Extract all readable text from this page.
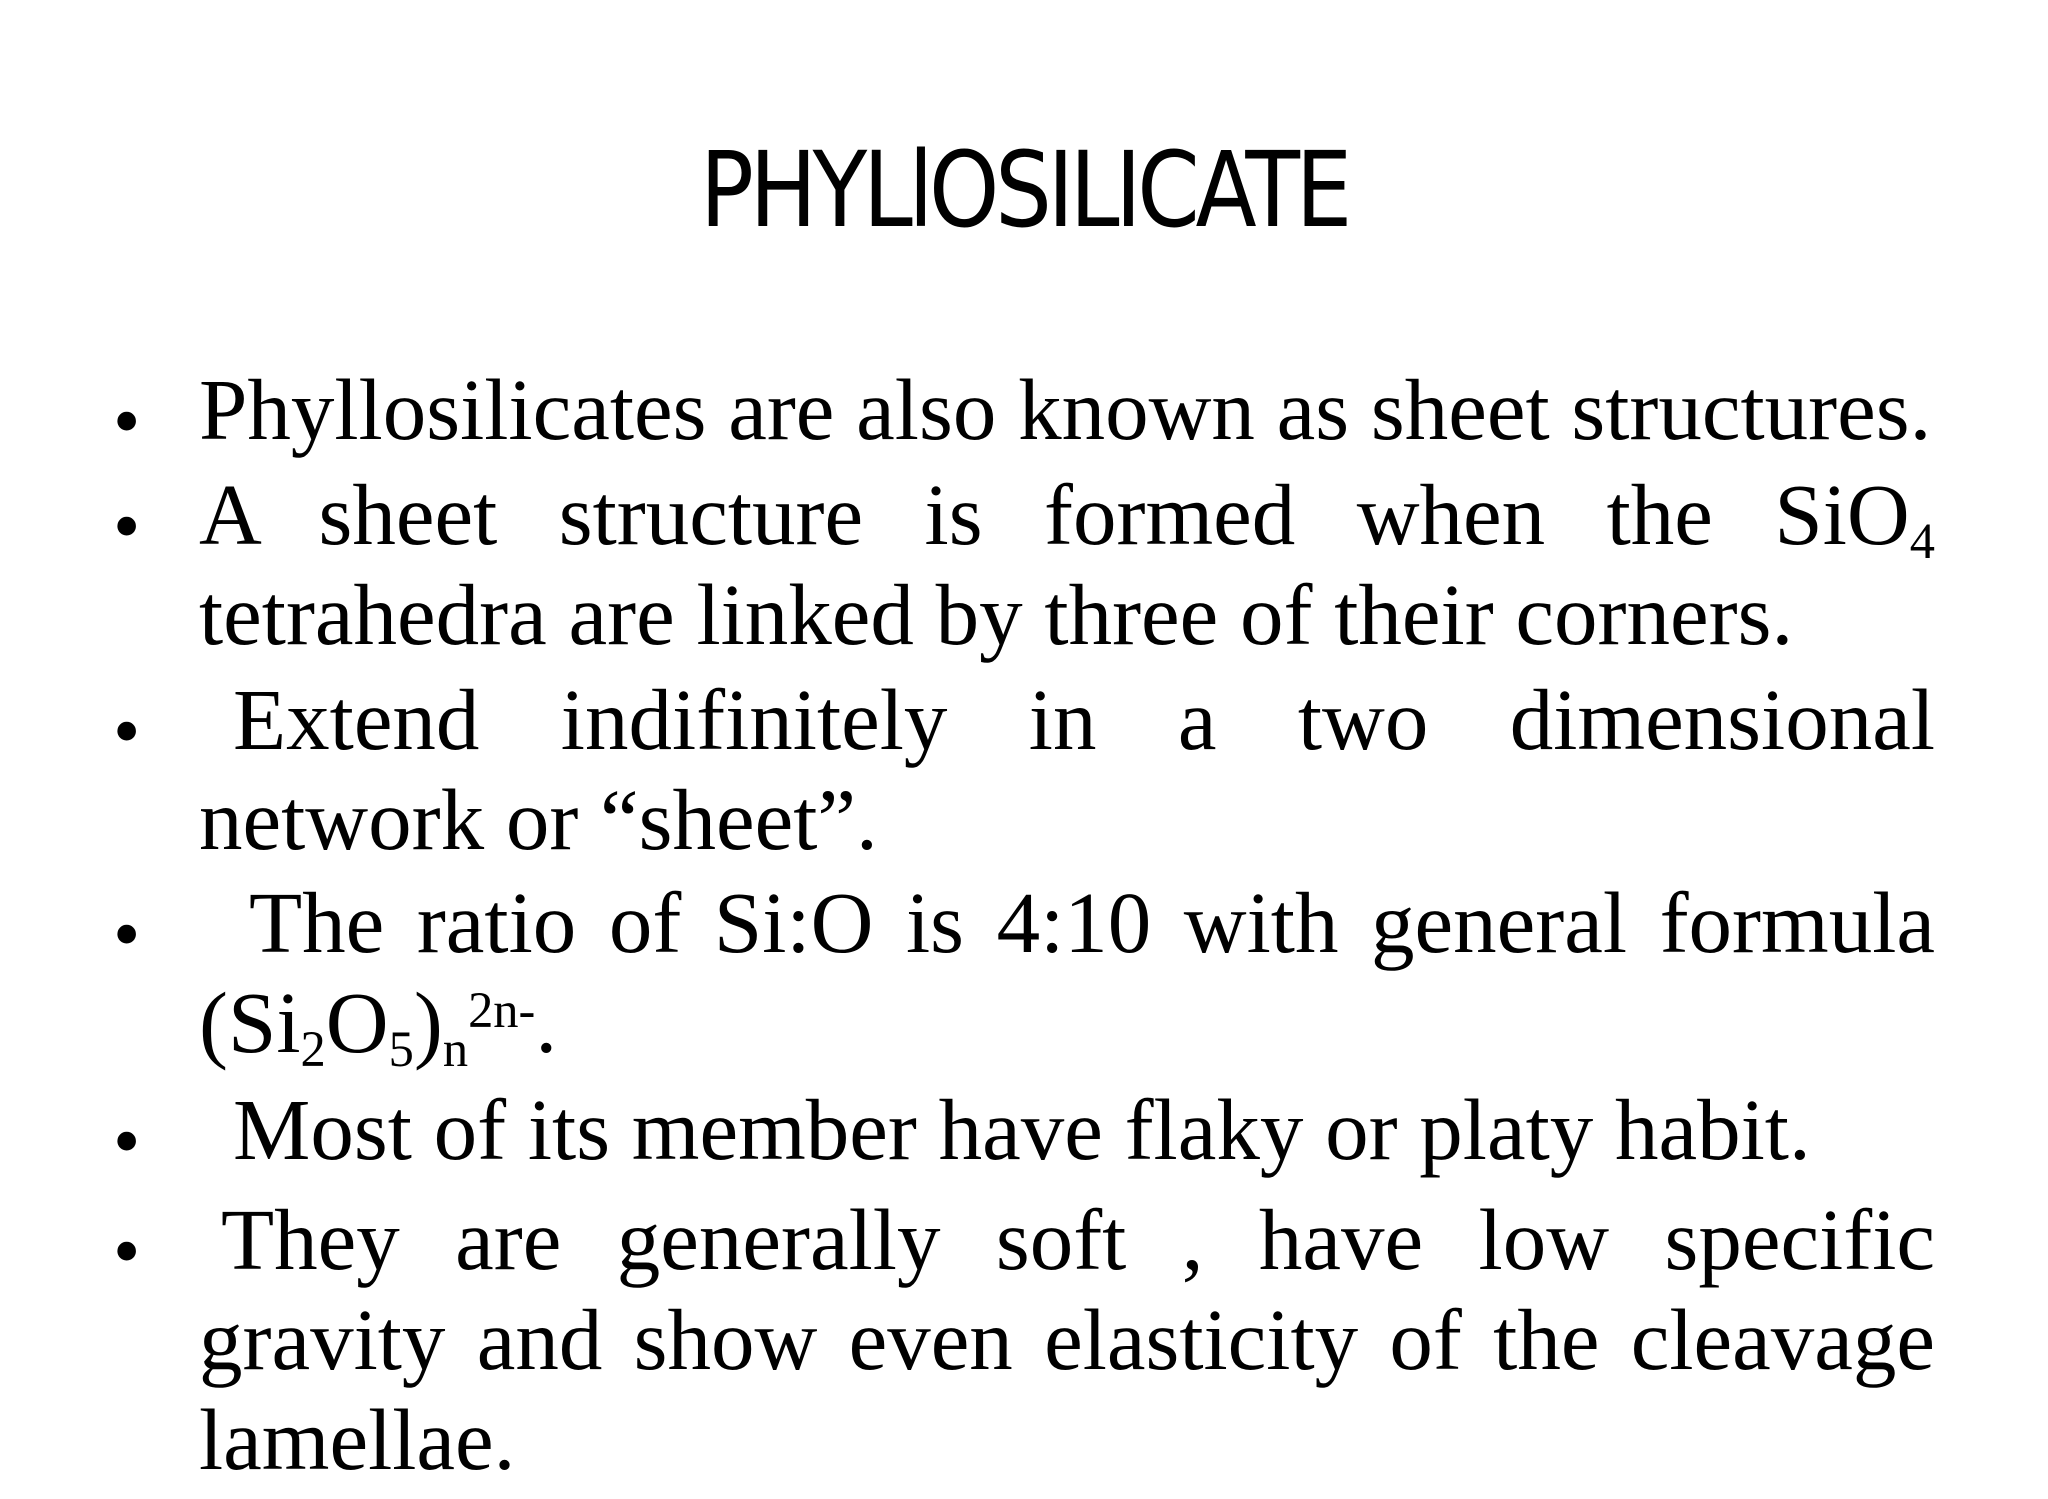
PHYLlOSILICATE
• Phyllosilicates are also known as sheet structures.
• A sheet structure is formed when the SiO$_4$ tetrahedra are linked by three of their corners.
•	Extend indifinitely in a two dimensional network or “sheet”.
•	The ratio of Si:O is 4:10 with general formula $(Si_2O_5)_n^{2n-}$.
•	Most of its member have flaky or platy habit.
• They are generally soft , have low specific gravity and show even elasticity of the cleavage lamellae.
